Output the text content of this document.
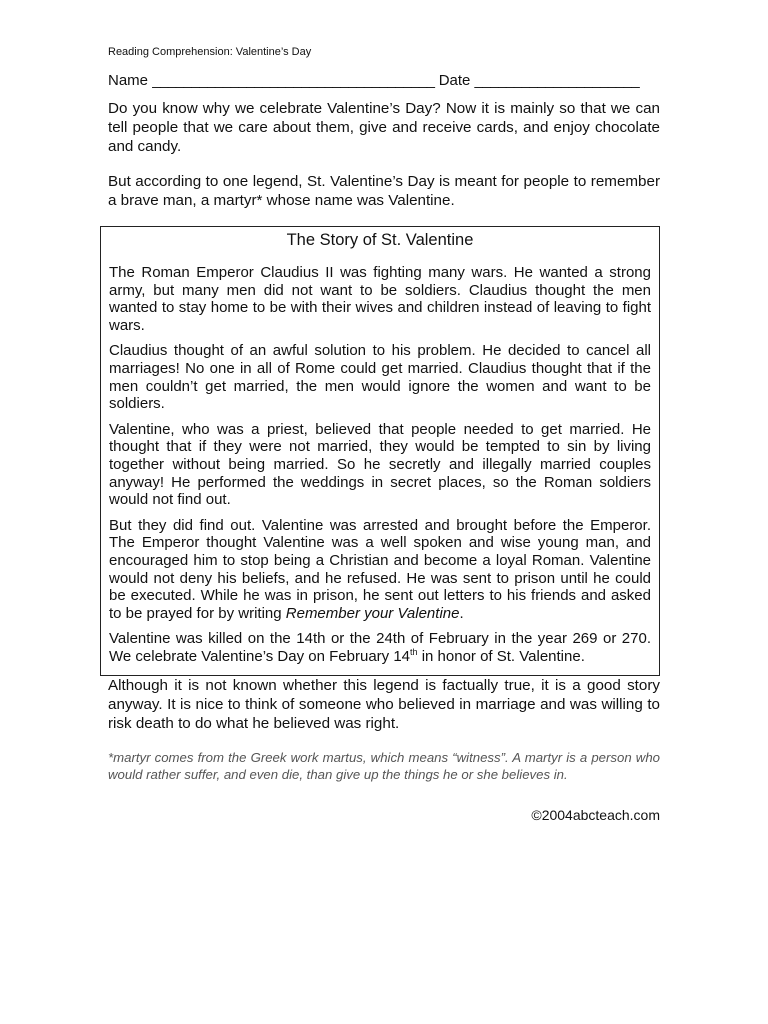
Reading Comprehension: Valentine’s Day
Name ____________________________________ Date _____________________

Do you know why we celebrate Valentine’s Day? Now it is mainly so that we can tell people that we care about them, give and receive cards, and enjoy chocolate and candy.

But according to one legend, St. Valentine’s Day is meant for people to remember a brave man, a martyr* whose name was Valentine.

The Story of St. Valentine

The Roman Emperor Claudius II was fighting many wars. He wanted a strong army, but many men did not want to be soldiers. Claudius thought the men wanted to stay home to be with their wives and children instead of leaving to fight wars.

Claudius thought of an awful solution to his problem. He decided to cancel all marriages! No one in all of Rome could get married. Claudius thought that if the men couldn’t get married, the men would ignore the women and want to be soldiers.

Valentine, who was a priest, believed that people needed to get married. He thought that if they were not married, they would be tempted to sin by living together without being married. So he secretly and illegally married couples anyway! He performed the weddings in secret places, so the Roman soldiers would not find out.

But they did find out. Valentine was arrested and brought before the Emperor. The Emperor thought Valentine was a well spoken and wise young man, and encouraged him to stop being a Christian and become a loyal Roman. Valentine would not deny his beliefs, and he refused. He was sent to prison until he could be executed. While he was in prison, he sent out letters to his friends and asked to be prayed for by writing Remember your Valentine.

Valentine was killed on the 14th or the 24th of February in the year 269 or 270. We celebrate Valentine’s Day on February 14th in honor of St. Valentine.

Although it is not known whether this legend is factually true, it is a good story anyway. It is nice to think of someone who believed in marriage and was willing to risk death to do what he believed was right.

*martyr comes from the Greek work martus, which means “witness”. A martyr is a person who would rather suffer, and even die, than give up the things he or she believes in.

©2004abcteach.com
